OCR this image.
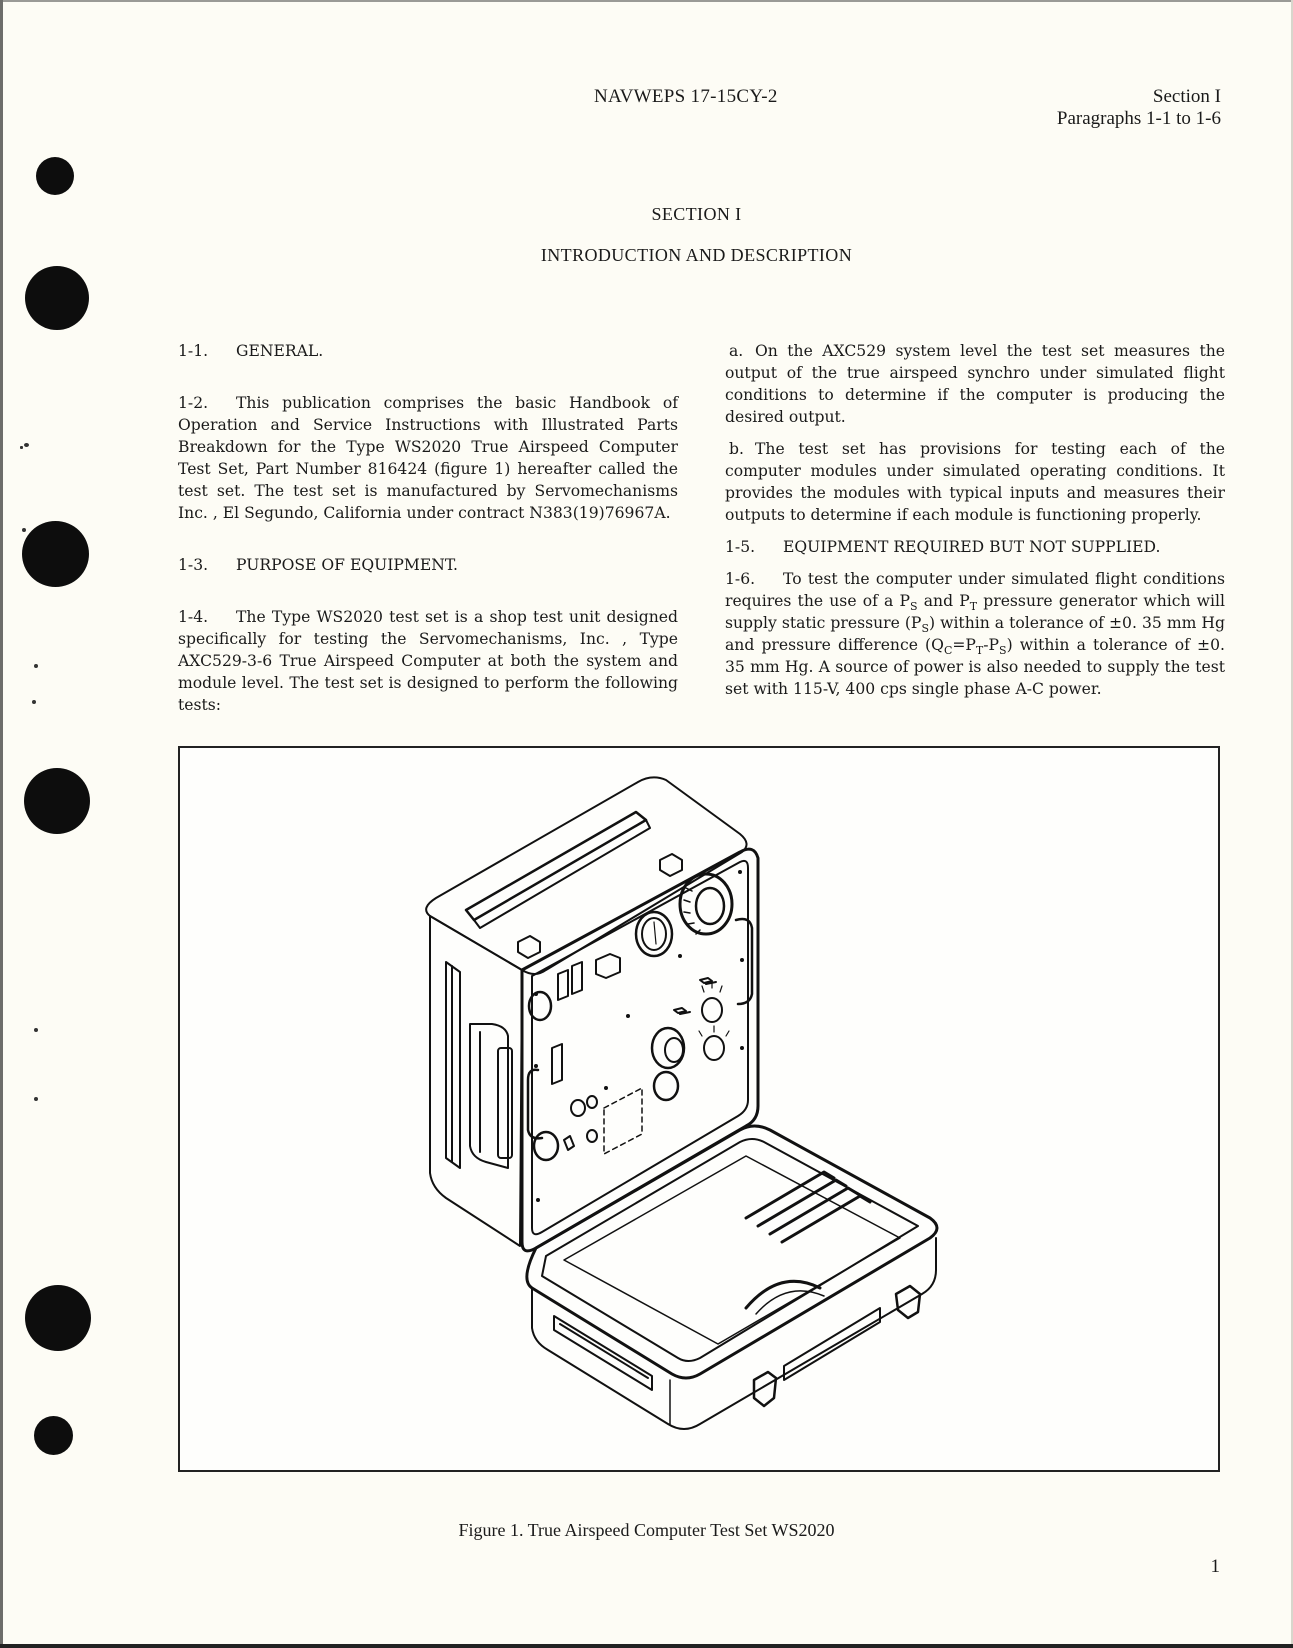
NAVWEPS 17-15CY-2	Section I
Paragraphs 1-1 to 1-6
SECTION I
INTRODUCTION AND DESCRIPTION

1-1. GENERAL.

1-2. This publication comprises the basic Handbook of Operation and Service Instructions with Illustrated Parts Breakdown for the Type WS2020 True Airspeed Computer Test Set, Part Number 816424 (figure 1) hereafter called the test set. The test set is manufactured by Servomechanisms Inc. , El Segundo, California under contract N383(19)76967A.

1-3. PURPOSE OF EQUIPMENT.

1-4. The Type WS2020 test set is a shop test unit designed specifically for testing the Servomechanisms, Inc. , Type AXC529-3-6 True Airspeed Computer at both the system and module level. The test set is designed to perform the following tests:

a. On the AXC529 system level the test set measures the output of the true airspeed synchro under simulated flight conditions to determine if the computer is producing the desired output.

b. The test set has provisions for testing each of the computer modules under simulated operating conditions. It provides the modules with typical inputs and measures their outputs to determine if each module is functioning properly.

1-5. EQUIPMENT REQUIRED BUT NOT SUPPLIED.

1-6. To test the computer under simulated flight conditions requires the use of a $P_S$ and $P_T$ pressure generator which will supply static pressure $(P_S)$ within a tolerance of ±0. 35 mm Hg and pressure difference $(Q_C=P_T-P_S)$ within a tolerance of ±0. 35 mm Hg. A source of power is also needed to supply the test set with 115-V, 400 cps single phase A-C power.

Figure 1. True Airspeed Computer Test Set WS2020
1
